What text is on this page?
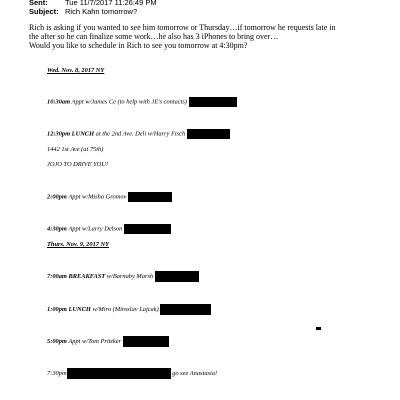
Sent: Tue 11/7/2017 11:26:49 PM
Subject: Rich Kahn tomorrow?
Rich is asking if you wanted to see him tomorrow or Thursday…if tomorrow he requests late in
the after so he can finalize some work…he also has 3 iPhones to bring over…
Would you like to schedule in Rich to see you tomorrow at 4:30pm?
Wed. Nov. 8, 2017 NY
10:30am Appt w/James Ce (to help with JE's contacts)
12:30pm LUNCH at the 2nd Ave. Deli w/Harry Fisch
1442 1st Ave (at 75th)
JOJO TO DRIVE YOU!
2:00pm Appt w/Misha Gromov
4:30pm Appt w/Larry Delson
Thurs. Nov. 9, 2017 NY
7:00am BREAKFAST w/Barnaby Marsh
1:00pm LUNCH w/Miro (Miroslav Lajcak)
5:00pm Appt w/Tom Pritzker
7:30pm	go see Anastasia!
